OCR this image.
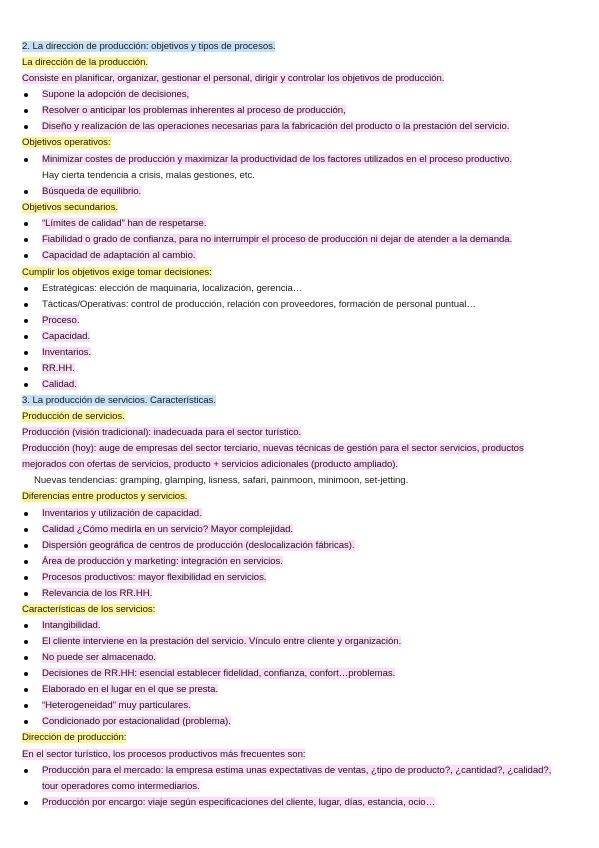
2. La dirección de producción: objetivos y tipos de procesos.
La dirección de la producción.
Consiste en planificar, organizar, gestionar el personal, dirigir y controlar los objetivos de producción.
Supone la adopción de decisiones,
Resolver o anticipar los problemas inherentes al proceso de producción,
Diseño y realización de las operaciones necesarias para la fabricación del producto o la prestación del servicio.
Objetivos operativos:
Minimizar costes de producción y maximizar la productividad de los factores utilizados en el proceso productivo.
Hay cierta tendencia a crisis, malas gestiones, etc.
Búsqueda de equilibrio.
Objetivos secundarios.
“Límites de calidad” han de respetarse.
Fiabilidad o grado de confianza, para no interrumpir el proceso de producción ni dejar de atender a la demanda.
Capacidad de adaptación al cambio.
Cumplir los objetivos exige tomar decisiones:
Estratégicas: elección de maquinaria, localización, gerencia…
Tácticas/Operativas: control de producción, relación con proveedores, formación de personal puntual…
Proceso.
Capacidad.
Inventarios.
RR.HH.
Calidad.
3. La producción de servicios. Características.
Producción de servicios.
Producción (visión tradicional): inadecuada para el sector turístico.
Producción (hoy): auge de empresas del sector terciario, nuevas técnicas de gestión para el sector servicios, productos
mejorados con ofertas de servicios, producto + servicios adicionales (producto ampliado).
Nuevas tendencias: gramping, glamping, lisness, safari, painmoon, minimoon, set-jetting.
Diferencias entre productos y servicios.
Inventarios y utilización de capacidad.
Calidad ¿Cómo medirla en un servicio? Mayor complejidad.
Dispersión geográfica de centros de producción (deslocalización fábricas).
Área de producción y marketing: integración en servicios.
Procesos productivos: mayor flexibilidad en servicios.
Relevancia de los RR.HH.
Características de los servicios:
Intangibilidad.
El cliente interviene en la prestación del servicio. Vínculo entre cliente y organización.
No puede ser almacenado.
Decisiones de RR.HH: esencial establecer fidelidad, confianza, confort…problemas.
Elaborado en el lugar en el que se presta.
“Heterogeneidad” muy particulares.
Condicionado por estacionalidad (problema).
Dirección de producción:
En el sector turístico, los procesos productivos más frecuentes son:
Producción para el mercado: la empresa estima unas expectativas de ventas, ¿tipo de producto?, ¿cantidad?, ¿calidad?,
tour operadores como intermediarios.
Producción por encargo: viaje según especificaciones del cliente, lugar, días, estancia, ocio…
